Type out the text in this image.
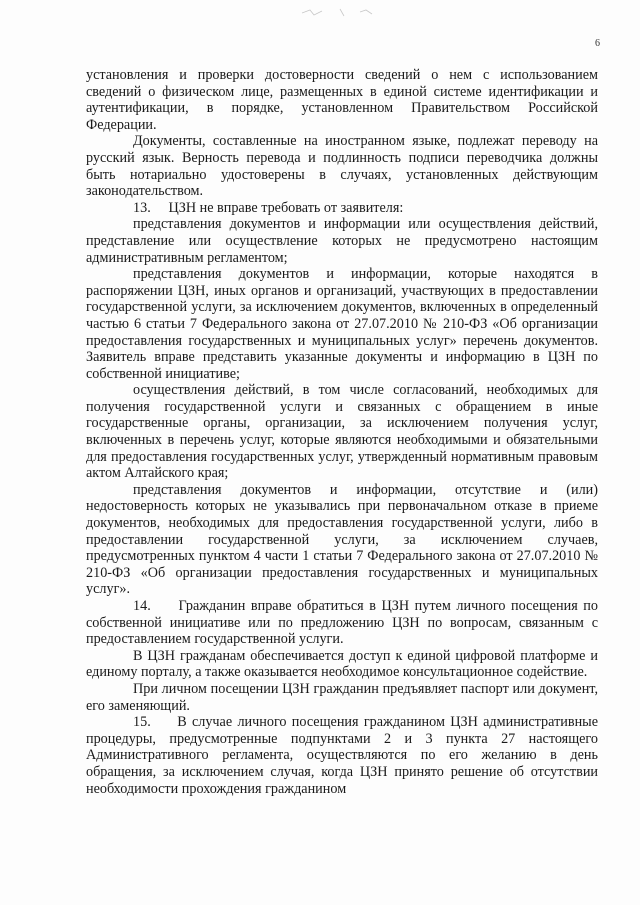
6

установления и проверки достоверности сведений о нем с использованием сведений о физическом лице, размещенных в единой системе идентификации и аутентификации, в порядке, установленном Правительством Российской Федерации.

Документы, составленные на иностранном языке, подлежат переводу на русский язык. Верность перевода и подлинность подписи переводчика должны быть нотариально удостоверены в случаях, установленных действующим законодательством.

13.     ЦЗН не вправе требовать от заявителя:

представления документов и информации или осуществления действий, представление или осуществление которых не предусмотрено настоящим административным регламентом;

представления документов и информации, которые находятся в распоряжении ЦЗН, иных органов и организаций, участвующих в предоставлении государственной услуги, за исключением документов, включенных в определенный частью 6 статьи 7 Федерального закона от 27.07.2010 № 210-ФЗ «Об организации предоставления государственных и муниципальных услуг» перечень документов. Заявитель вправе представить указанные документы и информацию в ЦЗН по собственной инициативе;

осуществления действий, в том числе согласований, необходимых для получения государственной услуги и связанных с обращением в иные государственные органы, организации, за исключением получения услуг, включенных в перечень услуг, которые являются необходимыми и обязательными для предоставления государственных услуг, утвержденный нормативным правовым актом Алтайского края;

представления документов и информации, отсутствие и (или) недостоверность которых не указывались при первоначальном отказе в приеме документов, необходимых для предоставления государственной услуги, либо в предоставлении государственной услуги, за исключением случаев, предусмотренных пунктом 4 части 1 статьи 7 Федерального закона от 27.07.2010 № 210-ФЗ «Об организации предоставления государственных и муниципальных услуг».

14.     Гражданин вправе обратиться в ЦЗН путем личного посещения по собственной инициативе или по предложению ЦЗН по вопросам, связанным с предоставлением государственной услуги.

В ЦЗН гражданам обеспечивается доступ к единой цифровой платформе и единому порталу, а также оказывается необходимое консультационное содействие.

При личном посещении ЦЗН гражданин предъявляет паспорт или документ, его заменяющий.

15.     В случае личного посещения гражданином ЦЗН административные процедуры, предусмотренные подпунктами 2 и 3 пункта 27 настоящего Административного регламента, осуществляются по его желанию в день обращения, за исключением случая, когда ЦЗН принято решение об отсутствии необходимости прохождения гражданином
